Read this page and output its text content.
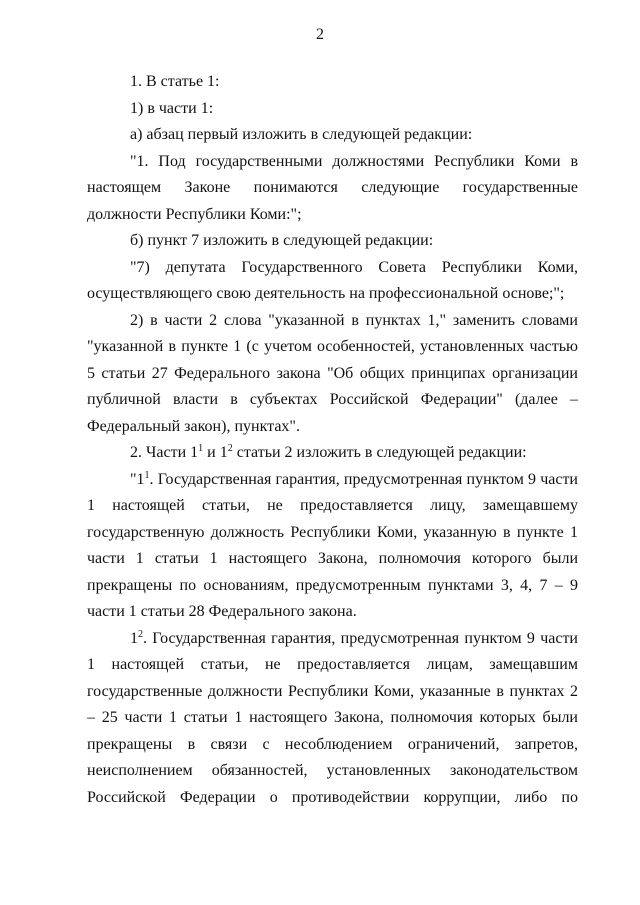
2

1. В статье 1:

1) в части 1:

а) абзац первый изложить в следующей редакции:

"1. Под государственными должностями Республики Коми в настоящем Законе понимаются следующие государственные должности Республики Коми:";

б) пункт 7 изложить в следующей редакции:

"7) депутата Государственного Совета Республики Коми, осуществляющего свою деятельность на профессиональной основе;";

2) в части 2 слова "указанной в пунктах 1," заменить словами "указанной в пункте 1 (с учетом особенностей, установленных частью 5 статьи 27 Федерального закона "Об общих принципах организации публичной власти в субъектах Российской Федерации" (далее – Федеральный закон), пунктах".

2. Части $1^1$ и $1^2$ статьи 2 изложить в следующей редакции:

"$1^1$. Государственная гарантия, предусмотренная пунктом 9 части 1 настоящей статьи, не предоставляется лицу, замещавшему государственную должность Республики Коми, указанную в пункте 1 части 1 статьи 1 настоящего Закона, полномочия которого были прекращены по основаниям, предусмотренным пунктами 3, 4, 7 – 9 части 1 статьи 28 Федерального закона.

$1^2$. Государственная гарантия, предусмотренная пунктом 9 части 1 настоящей статьи, не предоставляется лицам, замещавшим государственные должности Республики Коми, указанные в пунктах 2 – 25 части 1 статьи 1 настоящего Закона, полномочия которых были прекращены в связи с несоблюдением ограничений, запретов, неисполнением обязанностей, установленных законодательством Российской Федерации о противодействии коррупции, либо по
